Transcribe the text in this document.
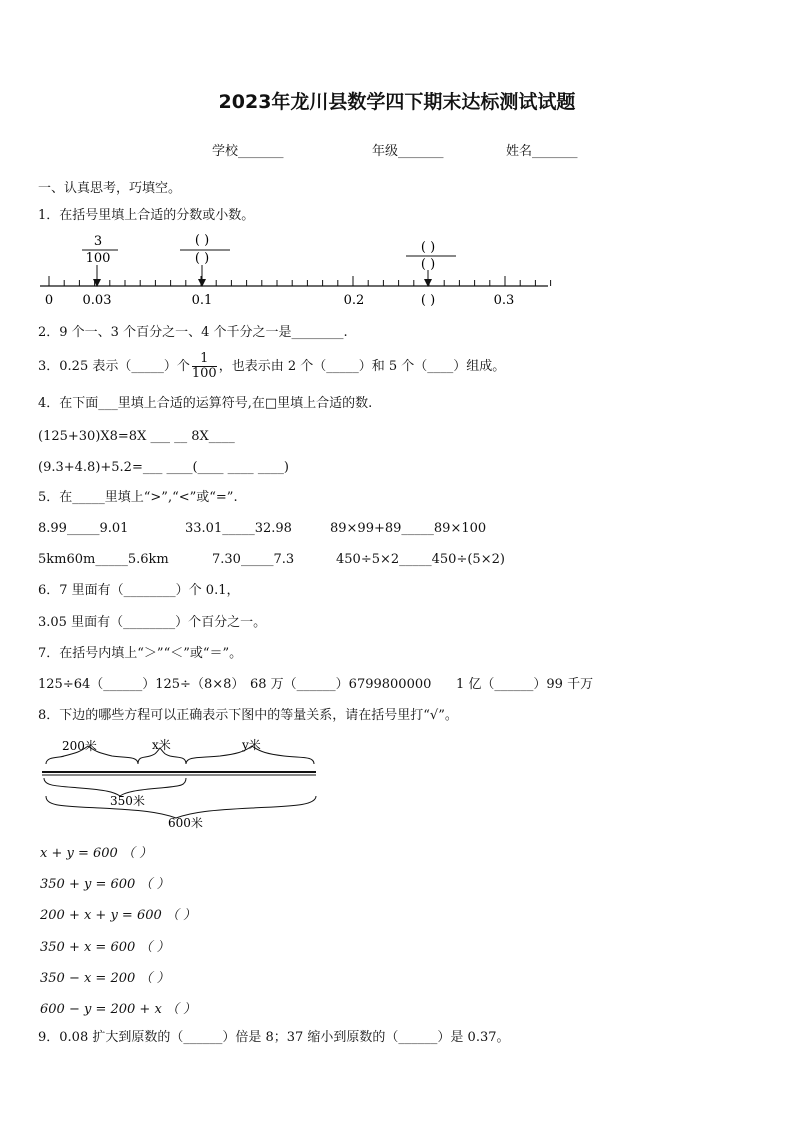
2023年龙川县数学四下期末达标测试试题
学校_______	年级_______	姓名_______
一、认真思考，巧填空。
1．在括号里填上合适的分数或小数。
3
100
( )
( )
( )
( )
0 0.03	0.1	0.2	( )	0.3
2．9 个一、3 个百分之一、4 个千分之一是________.
3．0.25 表示（_____）个 $\frac{1}{100}$ ，也表示由 2 个（_____）和 5 个（____）组成。
4．在下面___里填上合适的运算符号,在□里填上合适的数.
(125+30)X8=8X ___ __ 8X____
(9.3+4.8)+5.2=___ ____(____ ____ ____)
5．在_____里填上“>”,“<”或“=”.
8.99_____9.01	33.01_____32.98	89×99+89_____89×100
5km60m_____5.6km	7.30_____7.3	450÷5×2_____450÷(5×2)
6．7 里面有（________）个 0.1，
3.05 里面有（________）个百分之一。
7．在括号内填上“＞”“＜”或“＝”。
125÷64（______）125÷（8×8） 68 万（______）6799800000 1 亿（______）99 千万
8．下边的哪些方程可以正确表示下图中的等量关系，请在括号里打“√”。
200米	x米	y米
350米
600米
x + y = 600 （ ）
350 + y = 600 （ ）
200 + x + y = 600 （ ）
350 + x = 600 （ ）
350 − x = 200 （ ）
600 − y = 200 + x （ ）
9．0.08 扩大到原数的（______）倍是 8；37 缩小到原数的（______）是 0.37。
